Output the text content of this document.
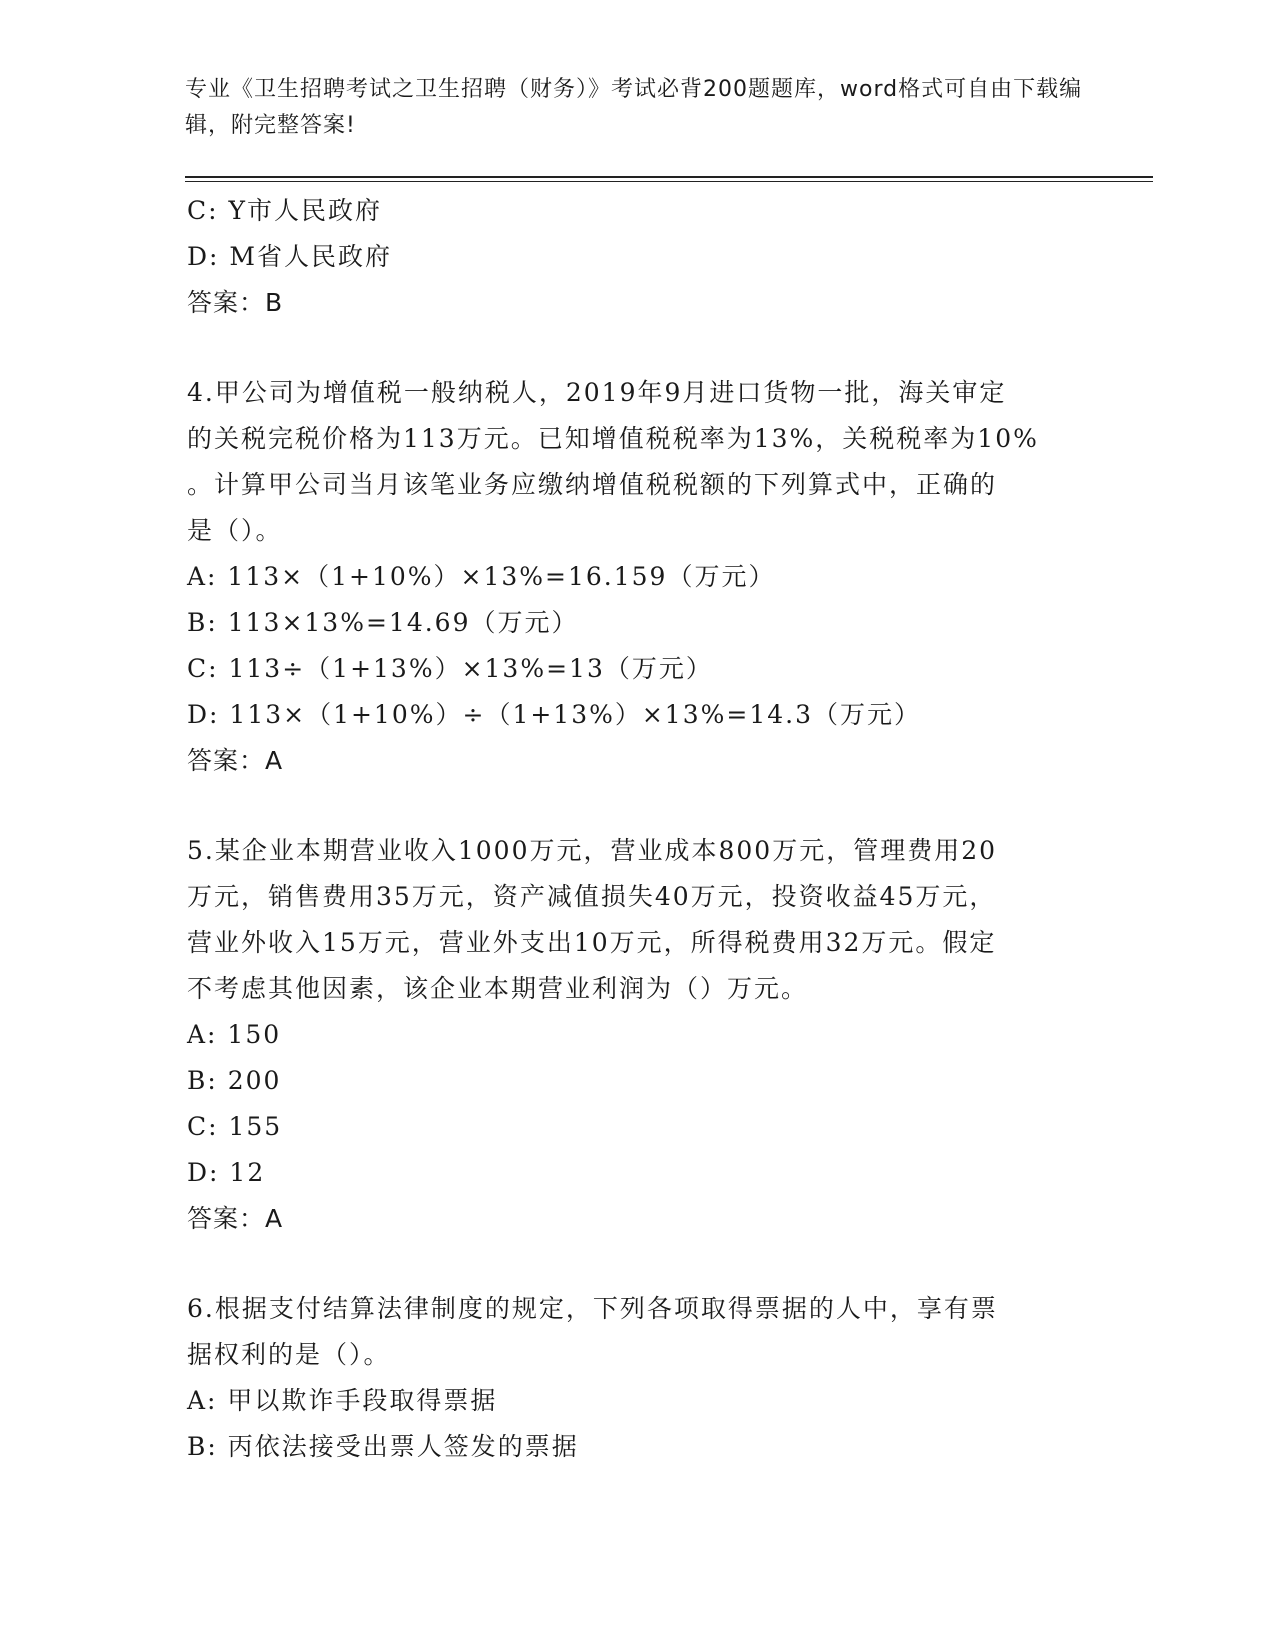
专业《卫生招聘考试之卫生招聘（财务）》考试必背200题题库，word格式可自由下载编辑，附完整答案!
C: Y市人民政府
D: M省人民政府
答案：B
4.甲公司为增值税一般纳税人，2019年9月进口货物一批，海关审定
的关税完税价格为113万元。已知增值税税率为13%，关税税率为10%
。计算甲公司当月该笔业务应缴纳增值税税额的下列算式中，正确的
是（）。
A: 113×（1+10%）×13%=16.159（万元）
B: 113×13%=14.69（万元）
C: 113÷（1+13%）×13%=13（万元）
D: 113×（1+10%）÷（1+13%）×13%=14.3（万元）
答案：A
5.某企业本期营业收入1000万元，营业成本800万元，管理费用20
万元，销售费用35万元，资产减值损失40万元，投资收益45万元，
营业外收入15万元，营业外支出10万元，所得税费用32万元。假定
不考虑其他因素，该企业本期营业利润为（）万元。
A: 150
B: 200
C: 155
D: 12
答案：A
6.根据支付结算法律制度的规定，下列各项取得票据的人中，享有票
据权利的是（）。
A: 甲以欺诈手段取得票据
B: 丙依法接受出票人签发的票据
